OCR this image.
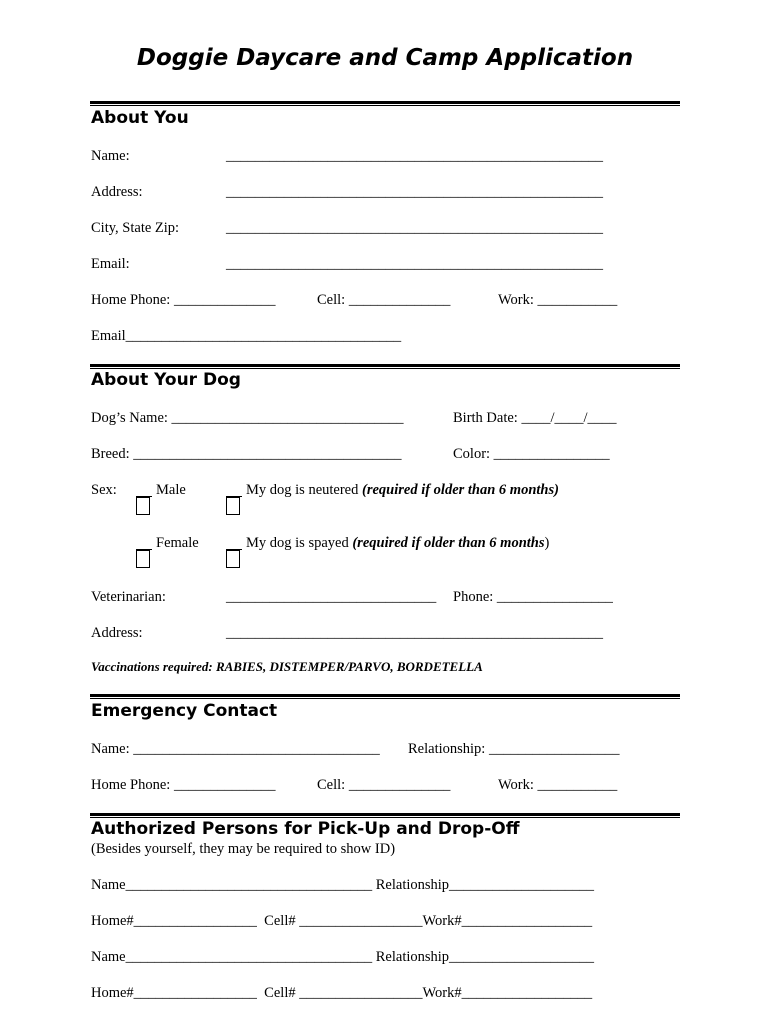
Doggie Daycare and Camp Application
About You
Name:	____________________________________________________
Address:	____________________________________________________
City, State Zip:	____________________________________________________
Email:	____________________________________________________
Home Phone: ______________	Cell: ______________	Work: ___________
Email______________________________________
About Your Dog
Dog’s Name: ________________________________	Birth Date: ____/____/____
Breed: _____________________________________	Color: ________________
Sex:	Male	My dog is neutered (required if older than 6 months)
Female	My dog is spayed (required if older than 6 months)
Veterinarian:	_____________________________ Phone: ________________
Address:	____________________________________________________
Vaccinations required: RABIES, DISTEMPER/PARVO, BORDETELLA
Emergency Contact
Name: __________________________________ Relationship: __________________
Home Phone: ______________	Cell: ______________	Work: ___________
Authorized Persons for Pick-Up and Drop-Off
(Besides yourself, they may be required to show ID)
Name__________________________________ Relationship____________________
Home#_________________  Cell# _________________Work#__________________
Name__________________________________ Relationship____________________
Home#_________________  Cell# _________________Work#__________________
